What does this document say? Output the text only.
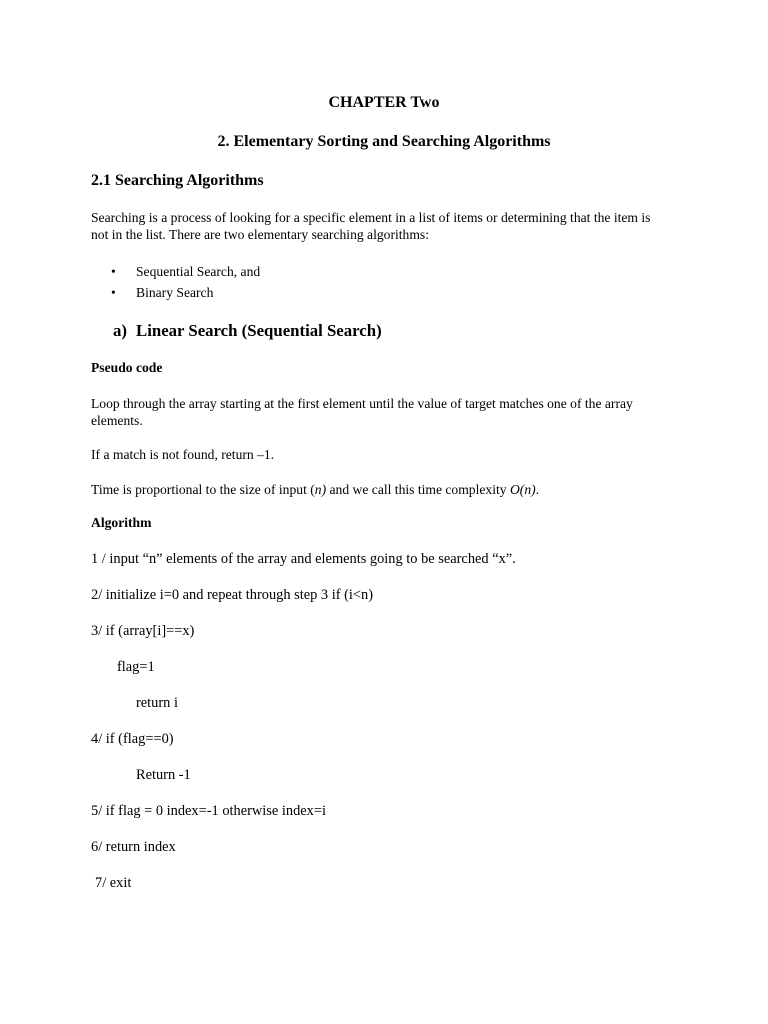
CHAPTER Two
2. Elementary Sorting and Searching Algorithms
2.1 Searching Algorithms
Searching is a process of looking for a specific element in a list of items or determining that the item is not in the list. There are two elementary searching algorithms:
• Sequential Search, and
• Binary Search
a) Linear Search (Sequential Search)
Pseudo code
Loop through the array starting at the first element until the value of target matches one of the array elements.
If a match is not found, return –1.
Time is proportional to the size of input (n) and we call this time complexity O(n).
Algorithm
1 / input “n” elements of the array and elements going to be searched “x”.
2/ initialize i=0 and repeat through step 3 if (i<n)
3/ if (array[i]==x)
flag=1
return i
4/ if (flag==0)
Return -1
5/ if flag = 0 index=-1 otherwise index=i
6/ return index
7/ exit
